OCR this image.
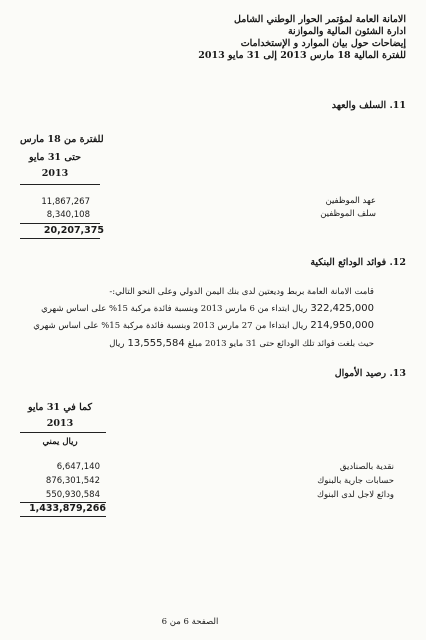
الامانة العامة لمؤتمر الحوار الوطني الشامل
ادارة الشئون المالية والموازنة
إيضاحات حول بيان الموارد و الإستخدامات
للفترة المالية 18 مارس 2013 إلى 31 مايو 2013
11. السلف والعهد
للفترة من 18 مارس
حتى 31 مايو
2013
11,867,267
8,340,108
20,207,375
عهد الموظفين
سلف الموظفين
12. فوائد الودائع البنكية
قامت الامانة العامة بربط وديعتين لدى بنك اليمن الدولي وعلى النحو التالي:-
322,425,000
ريال ابتداء من 6 مارس 2013 وبنسبة فائدة مركبة 15% على اساس شهري
214,950,000
ريال ابتداءا من 27 مارس 2013 وبنسبة فائدة مركبة 15% على اساس شهري
حيث بلغت فوائد تلك الودائع حتى 31 مايو 2013 مبلغ
13,555,584
ريال
13. رصيد الأموال
كما في 31 مايو
2013
ريال يمني
6,647,140
876,301,542
550,930,584
1,433,879,266
نقدية بالصناديق
حسابات جارية بالبنوك
ودائع لاجل لدى البنوك
الصفحة 6 من 6
